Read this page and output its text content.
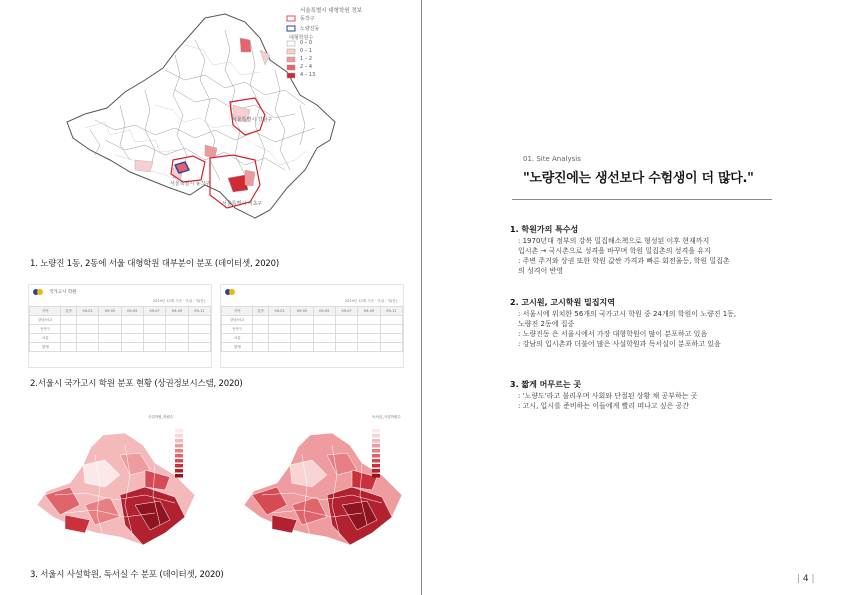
서울특별시 대형학원 정보
동작구
노량진동
대형학원수
0 – 0
0 – 1
1 – 2
2 – 4
4 – 13
서울특별시 강남구
서울특별시 동작구
서울특별시 서초구
1. 노량진 1동, 2동에 서울 대형학원 대부분이 분포 (데이터셋, 2020)
국가고시 학원
2019년 12월 기준 · 단위 : 개(동)
지역	업종	09-01	09-03	09-05	09-07	09-09	09-11
강남/서초							
동작구							
서울							
합계							
2019년 12월 기준 · 단위 : 개(동)
지역	업종	09-01	09-03	09-05	09-07	09-09	09-11
강남/서초							
동작구							
서울							
합계							
2.서울시 국가고시 학원 분포 현황 (상권정보시스템, 2020)
사설학원_학원수	독서실_사설학원수
3. 서울시 사설학원, 독서실 수 분포 (데이터셋, 2020)
01. Site Analysis
"노량진에는 생선보다 수험생이 더 많다."
1. 학원가의 특수성
: 1970년대 정부의 강북 밀집해소책으로 형성된 이후 현재까지
입시촌 → 국시촌으로 성격을 바꾸며 학원 밀집촌의 성격을 유지
: 주변 주거와 상권 또한 학원 값싼 가격과 빠른 회전율등, 학원 밀집촌
의 성격이 반영
2. 고시원, 고시학원 밀집지역
: 서울시에 위치한 56개의 국가고시 학원 중 24개의 학원이 노량진 1동,
노량진 2동에 집중
: 노량진동 은 서울시에서 가장 대형학원이 많이 분포하고 있음
: 강남의 입시촌과 더불어 많은 사설학원과 독서실이 분포하고 있음
3. 짧게 머무르는 곳
: '노량도'라고 불리우며 사회와 단절된 상황 채 공부하는 곳
: 고시, 입시를 준비하는 이들에게 빨리 떠나고 싶은 공간
| 4 |
